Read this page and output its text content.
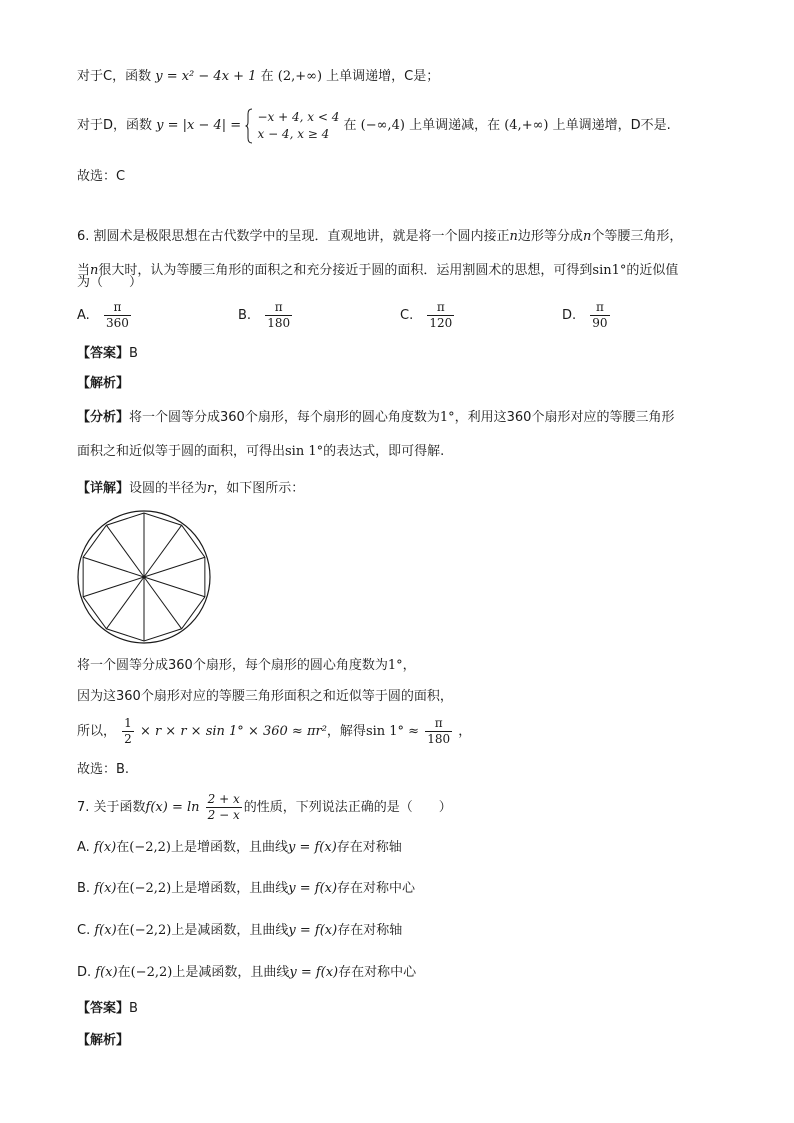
对于C，函数 y = x² − 4x + 1 在 (2,+∞) 上单调递增，C是；
对于D，函数 y = |x − 4| =
−x + 4, x < 4
x − 4, x ≥ 4
在 (−∞,4) 上单调递减，在 (4,+∞) 上单调递增，D不是.
故选：C
6. 割圆术是极限思想在古代数学中的呈现．直观地讲，就是将一个圆内接正n边形等分成n个等腰三角形，
当n很大时，认为等腰三角形的面积之和充分接近于圆的面积．运用割圆术的思想，可得到sin1°的近似值
为（　　）
A. $\frac{\pi}{360}$	B. $\frac{\pi}{180}$	C. $\frac{\pi}{120}$	D. $\frac{\pi}{90}$
【答案】B
【解析】
【分析】将一个圆等分成360个扇形，每个扇形的圆心角度数为1°，利用这360个扇形对应的等腰三角形
面积之和近似等于圆的面积，可得出sin 1°的表达式，即可得解.
【详解】设圆的半径为r，如下图所示：
将一个圆等分成360个扇形，每个扇形的圆心角度数为1°，
因为这360个扇形对应的等腰三角形面积之和近似等于圆的面积，
所以， $\frac{1}{2} \times r \times r \times \sin 1^\circ \times 360 \approx \pi r^2$，解得$\sin 1^\circ \approx \frac{\pi}{180}$ ，
故选：B.
7. 关于函数$f(x) = \ln \frac{2 + x}{2 - x}$ 的性质，下列说法正确的是（　　）
A. f(x)在(−2,2)上是增函数，且曲线y = f(x)存在对称轴
B. f(x)在(−2,2)上是增函数，且曲线y = f(x)存在对称中心
C. f(x)在(−2,2)上是减函数，且曲线y = f(x)存在对称轴
D. f(x)在(−2,2)上是减函数，且曲线y = f(x)存在对称中心
【答案】B
【解析】
